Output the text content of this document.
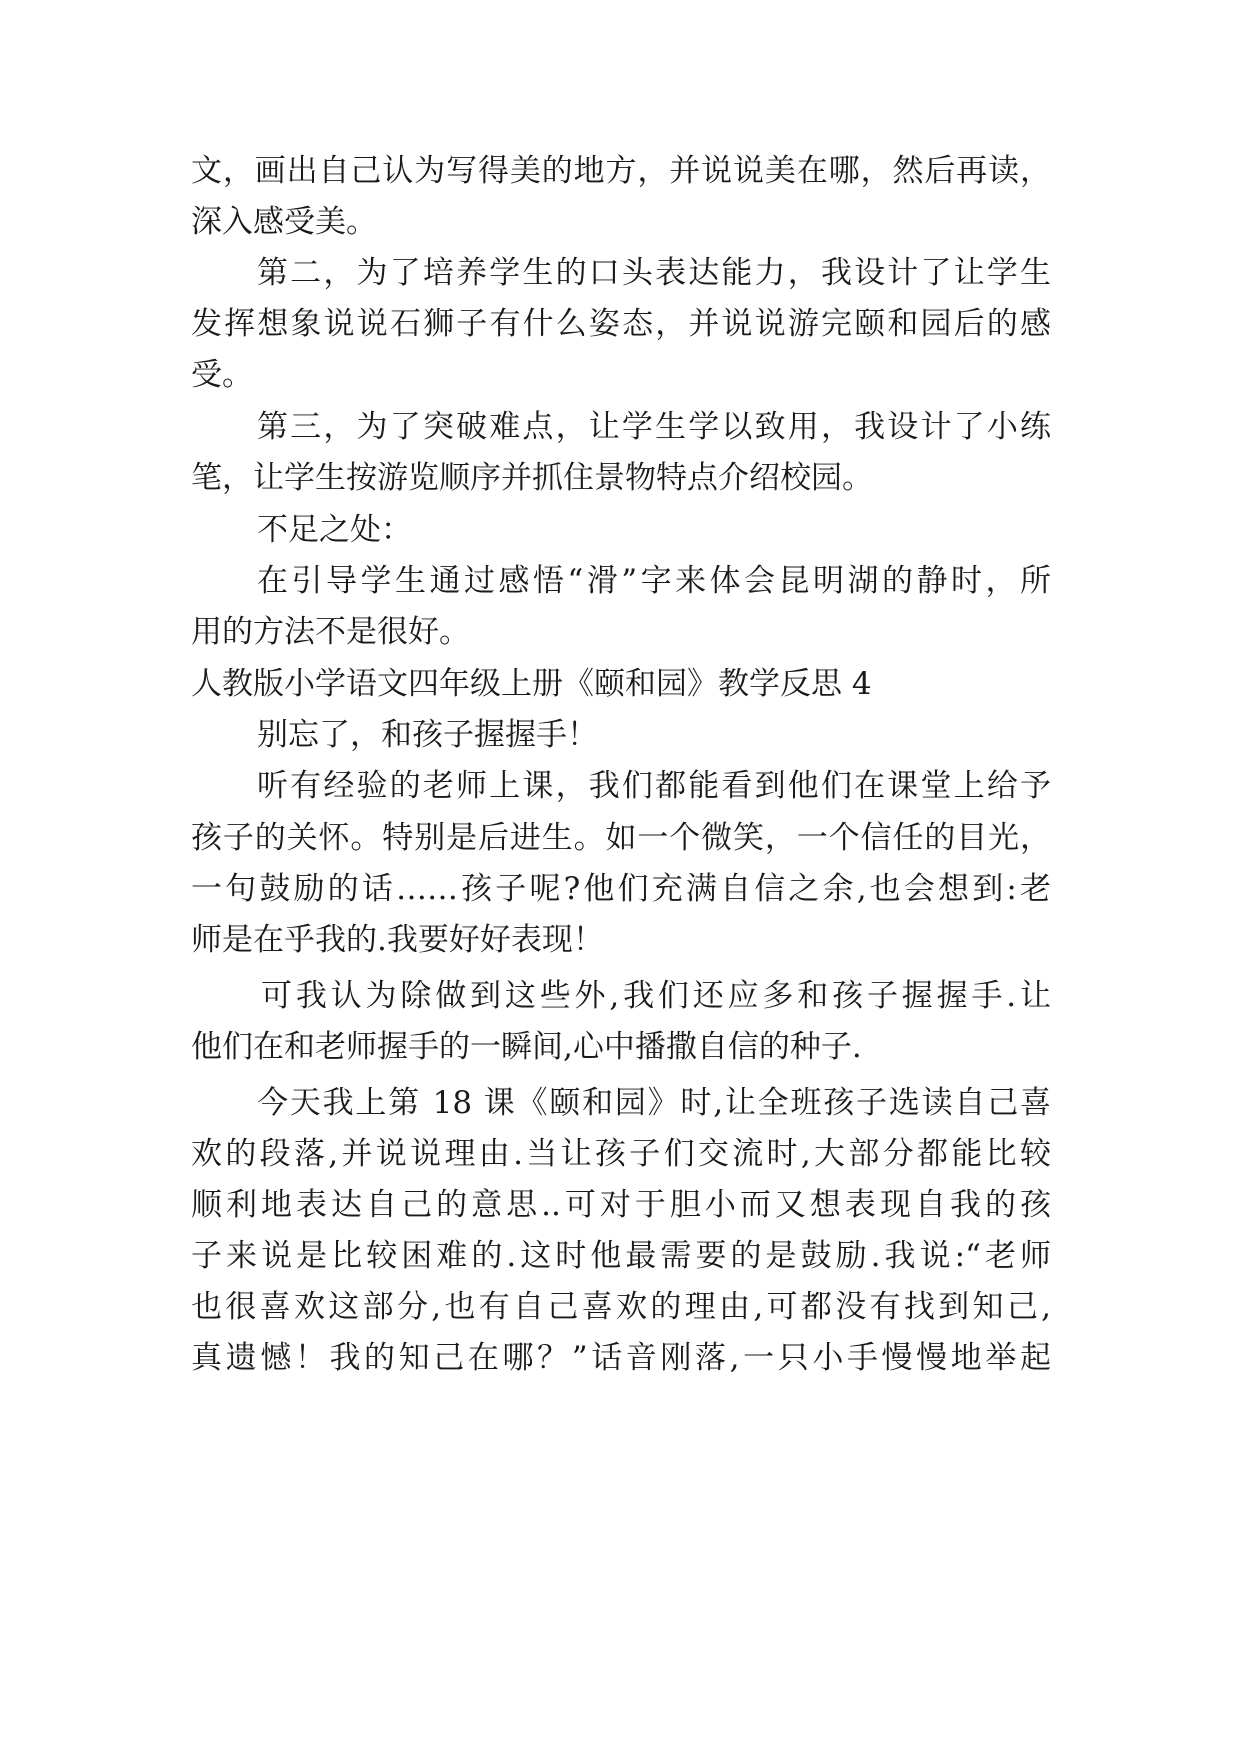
文，画出自己认为写得美的地方，并说说美在哪，然后再读，
深入感受美。
第二，为了培养学生的口头表达能力，我设计了让学生
发挥想象说说石狮子有什么姿态，并说说游完颐和园后的感
受。
第三，为了突破难点，让学生学以致用，我设计了小练
笔，让学生按游览顺序并抓住景物特点介绍校园。
不足之处：
在引导学生通过感悟“滑”字来体会昆明湖的静时，所
用的方法不是很好。
人教版小学语文四年级上册《颐和园》教学反思 4
别忘了，和孩子握握手！
听有经验的老师上课，我们都能看到他们在课堂上给予
孩子的关怀。特别是后进生。如一个微笑，一个信任的目光，
一句鼓励的话……孩子呢?他们充满自信之余,也会想到:老
师是在乎我的.我要好好表现！
可我认为除做到这些外,我们还应多和孩子握握手.让
他们在和老师握手的一瞬间,心中播撒自信的种子.
今天我上第 18 课《颐和园》时,让全班孩子选读自己喜
欢的段落,并说说理由.当让孩子们交流时,大部分都能比较
顺利地表达自己的意思..可对于胆小而又想表现自我的孩
子来说是比较困难的.这时他最需要的是鼓励.我说:“老师
也很喜欢这部分,也有自己喜欢的理由,可都没有找到知己,
真遗憾！我的知己在哪？”话音刚落,一只小手慢慢地举起
